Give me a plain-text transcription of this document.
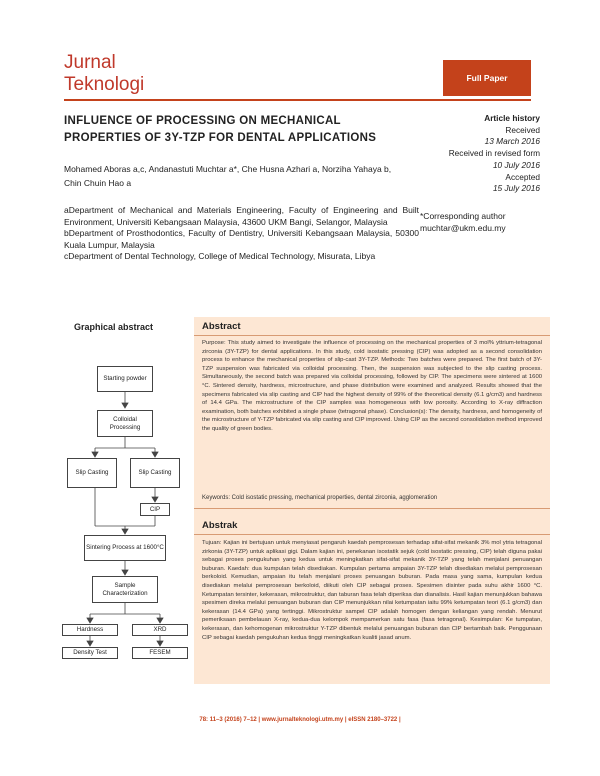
Jurnal
Teknologi	Full Paper
INFLUENCE OF PROCESSING ON MECHANICAL PROPERTIES OF 3Y-TZP FOR DENTAL APPLICATIONS
Article history
Received
13 March 2016
Received in revised form
10 July 2016
Accepted
15 July 2016
Mohamed Aboras a,c, Andanastuti Muchtar a*, Che Husna Azhari a, Norziha Yahaya b, Chin Chuin Hao a
aDepartment of Mechanical and Materials Engineering, Faculty of Engineering and Built Environment, Universiti Kebangsaan Malaysia, 43600 UKM Bangi, Selangor, Malaysia
bDepartment of Prosthodontics, Faculty of Dentistry, Universiti Kebangsaan Malaysia, 50300 Kuala Lumpur, Malaysia
cDepartment of Dental Technology, College of Medical Technology, Misurata, Libya
*Corresponding author
muchtar@ukm.edu.my
Graphical abstract
Starting powder
Colloidal Processing
Slip Casting	Slip Casting
CIP
Sintering Process at 1600°C
Sample Characterization
Hardness	XRD
Density Test	FESEM
Abstract
Purpose: This study aimed to investigate the influence of processing on the mechanical properties of 3 mol% yttrium-tetragonal zirconia (3Y-TZP) for dental applications. In this study, cold isostatic pressing (CIP) was adopted as a second consolidation process to enhance the mechanical properties of slip-cast 3Y-TZP. Methods: Two batches were prepared. The first batch of 3Y-TZP suspension was fabricated via colloidal processing. Then, the suspension was subjected to the slip casting process. Simultaneously, the second batch was prepared via colloidal processing, followed by CIP. The specimens were sintered at 1600 °C. Sintered density, hardness, microstructure, and phase distribution were examined and analyzed. Results showed that the specimens fabricated via slip casting and CIP had the highest density of 99% of the theoretical density (6.1 g/cm3) and hardness of 14.4 GPa. The microstructure of the CIP samples was homogeneous with low porosity. According to X-ray diffraction examination, both batches exhibited a single phase (tetragonal phase). Conclusion(s): The density, hardness, and homogeneity of the microstructure of Y-TZP fabricated via slip casting and CIP improved. Using CIP as the second consolidation method improved the quality of green bodies.
Keywords: Cold isostatic pressing, mechanical properties, dental zirconia, agglomeration
Abstrak
Tujuan: Kajian ini bertujuan untuk menyiasat pengaruh kaedah pemprosesan terhadap sifat-sifat mekanik 3% mol ytria tetragonal zirkonia (3Y-TZP) untuk aplikasi gigi. Dalam kajian ini, penekanan isostatik sejuk (cold isostatic pressing, CIP) telah diguna pakai sebagai proses pengukuhan yang kedua untuk meningkatkan sifat-sifat mekanik 3Y-TZP yang telah menjalani penuangan buburan. Kaedah: dua kumpulan telah disediakan. Kumpulan pertama ampaian 3Y-TZP telah disediakan melalui pemprosesan berkoloid. Kemudian, ampaian itu telah menjalani proses penuangan buburan. Pada masa yang sama, kumpulan kedua disediakan melalui pemprosesan berkoloid, diikuti oleh CIP sebagai proses. Spesimen disinter pada suhu akhir 1600 °C. Ketumpatan tersinter, kekerasan, mikrostruktur, dan taburan fasa telah diperiksa dan dianalisis. Hasil kajian menunjukkan bahawa spesimen direka melalui penuangan buburan dan CIP menunjukkan nilai ketumpatan iaitu 99% ketumpatan teori (6.1 g/cm3) dan kekerasan (14.4 GPa) yang tertinggi. Mikrostruktur sampel CIP adalah homogen dengan keliangan yang rendah. Menurut pemeriksaan pembelauan X-ray, kedua-dua kelompok mempamerkan satu fasa (fasa tetragonal). Kesimpulan: Ke tumpatan, kekerasan, dan kehomogenan mikrostruktur Y-TZP dibentuk melalui penuangan buburan dan CIP bertambah baik. Penggunaan CIP sebagai kaedah pengukuhan kedua tinggi meningkatkan kualiti jasad anum.
78: 11–3 (2016) 7–12 | www.jurnalteknologi.utm.my | eISSN 2180–3722 |
